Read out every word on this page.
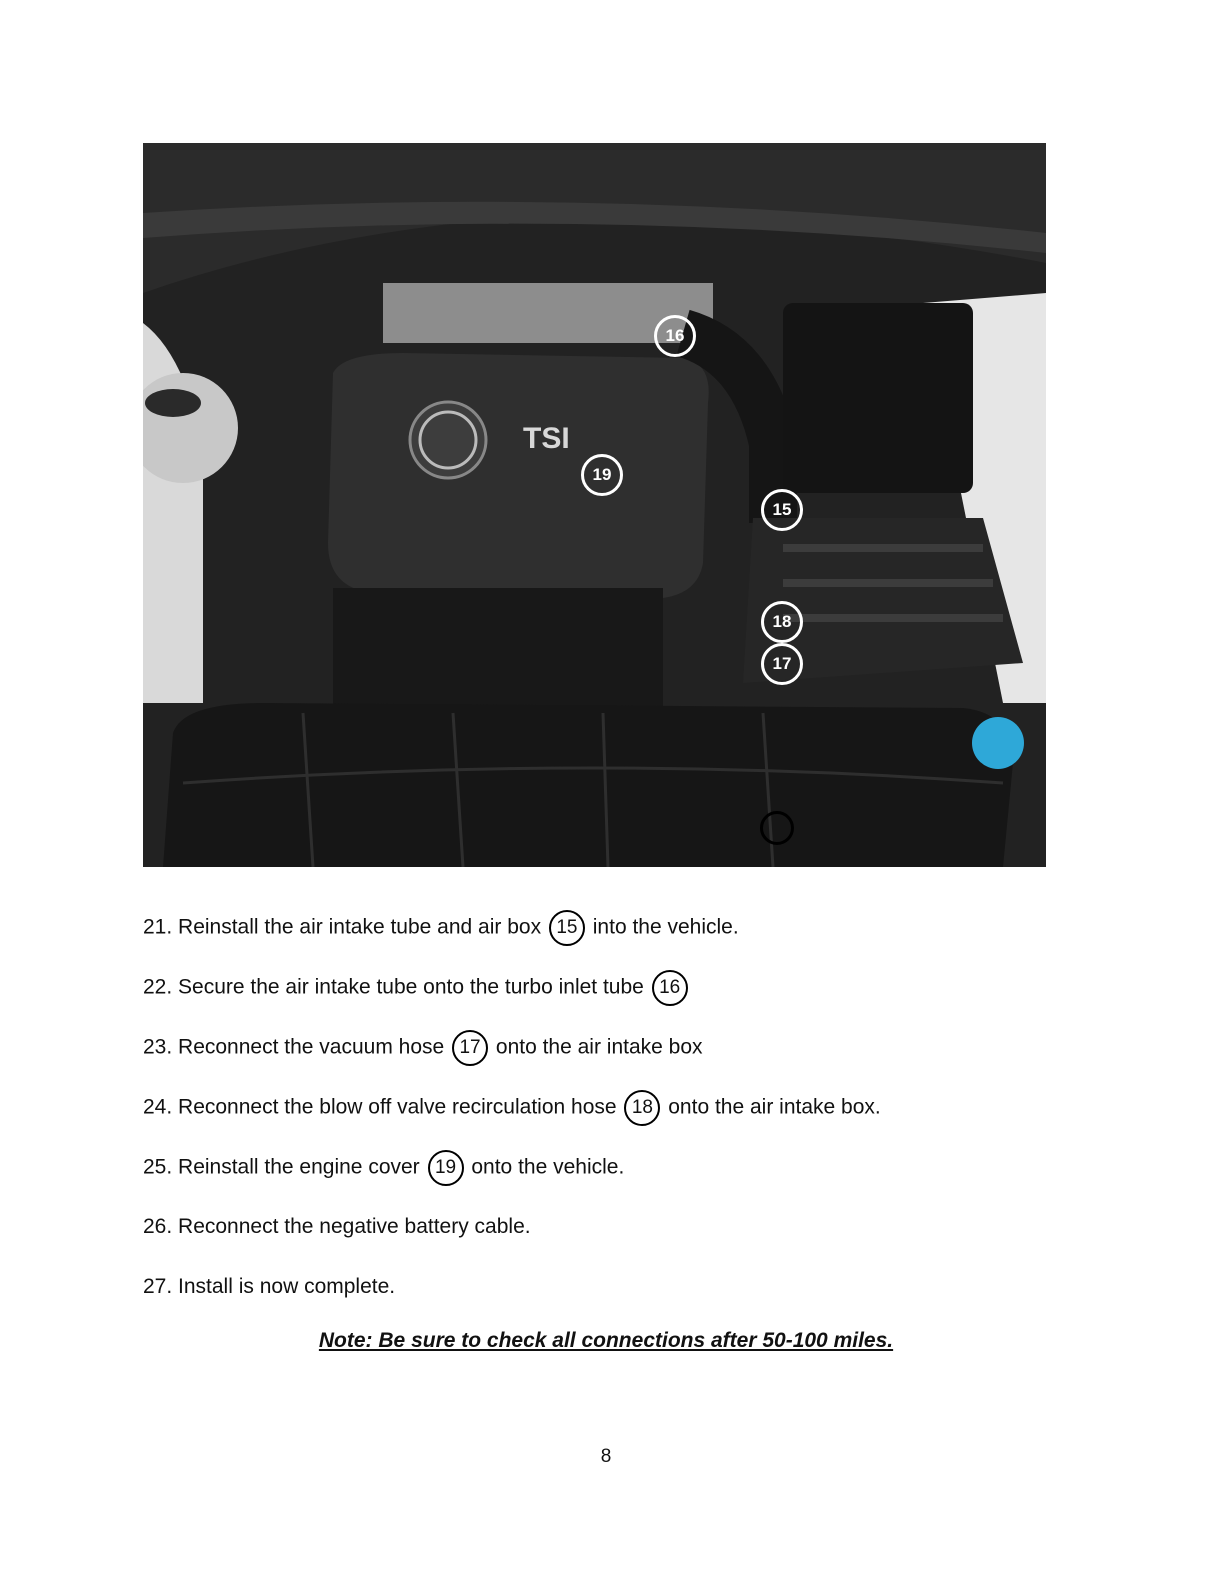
TSI
16
19
15
18
17
21. Reinstall the air intake tube and air box 15 into the vehicle.
22. Secure the air intake tube onto the turbo inlet tube 16
23. Reconnect the vacuum hose 17 onto the air intake box
24. Reconnect the blow off valve recirculation hose 18 onto the air intake box.
25. Reinstall the engine cover 19 onto the vehicle.
26. Reconnect the negative battery cable.
27. Install is now complete.
Note: Be sure to check all connections after 50-100 miles.
8
